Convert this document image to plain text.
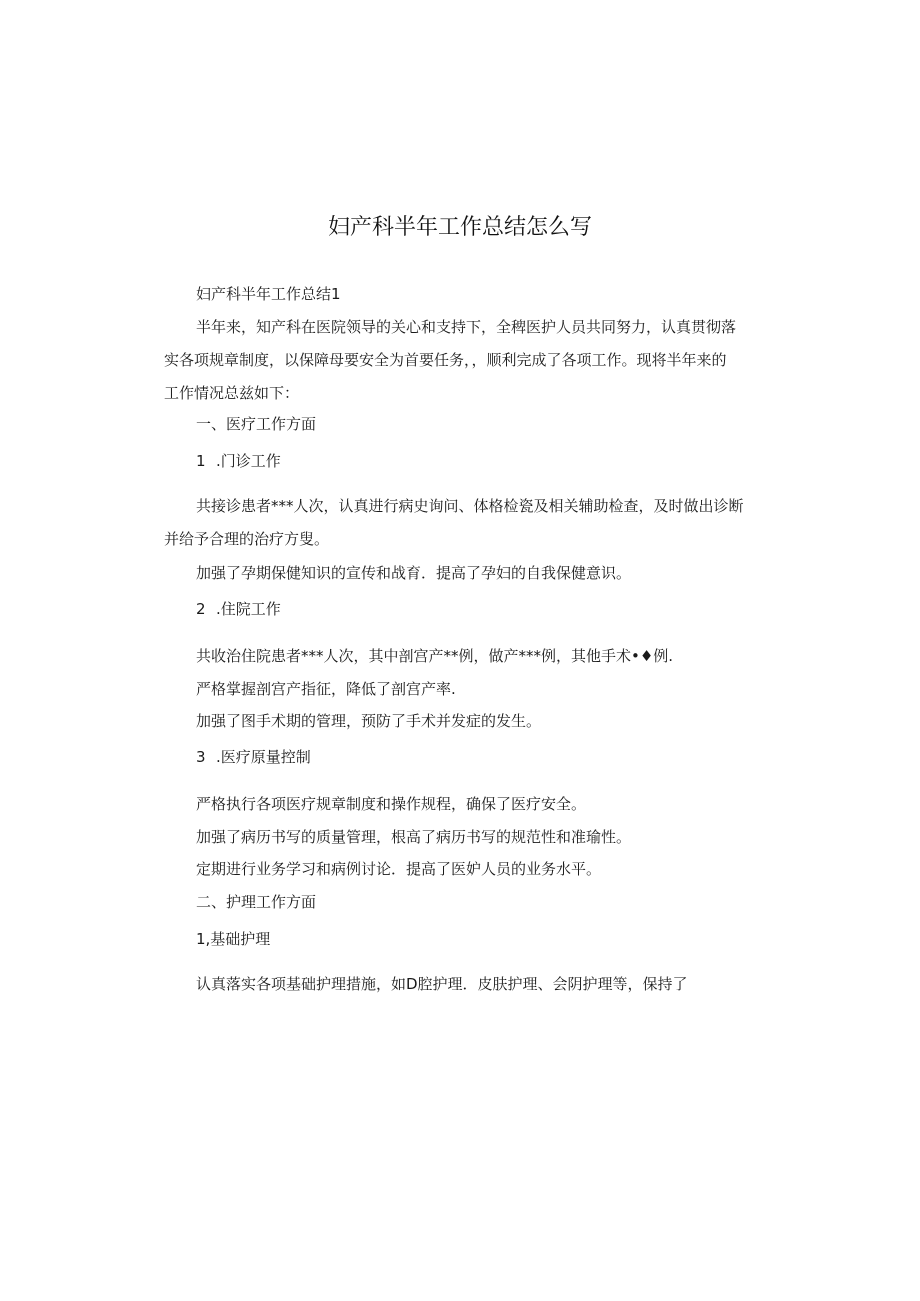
妇产科半年工作总结怎么写
妇产科半年工作总结1
半年来，知产科在医院领导的关心和支持下，全稗医护人员共同努力，认真贯彻落
实各项规章制度，以保障母要安全为首要任务，，顺利完成了各项工作。现将半年来的
工作情况总兹如下：
一、医疗工作方面
1 .门诊工作
共接诊患者***人次，认真进行病史询问、体格检瓷及相关辅助检查，及时做出诊断
并给予合理的治疗方叟。
加强了孕期保健知识的宣传和战育．提高了孕妇的自我保健意识。
2 .住院工作
共收治住院患者***人次，其中剖宫产**例，做产***例，其他手术•♦例.
严格掌握剖宫产指征，降低了剖宫产率.
加强了图手术期的管理，预防了手术并发症的发生。
3 .医疗原量控制
严格执行各项医疗规章制度和操作规程，确保了医疗安全。
加强了病历书写的质量管理，根高了病历书写的规范性和准瑜性。
定期进行业务学习和病例讨论．提高了医妒人员的业务水平。
二、护理工作方面
1,基础护理
认真落实各项基础护理措施，如D腔护理．皮肤护理、会阴护理等，保持了
